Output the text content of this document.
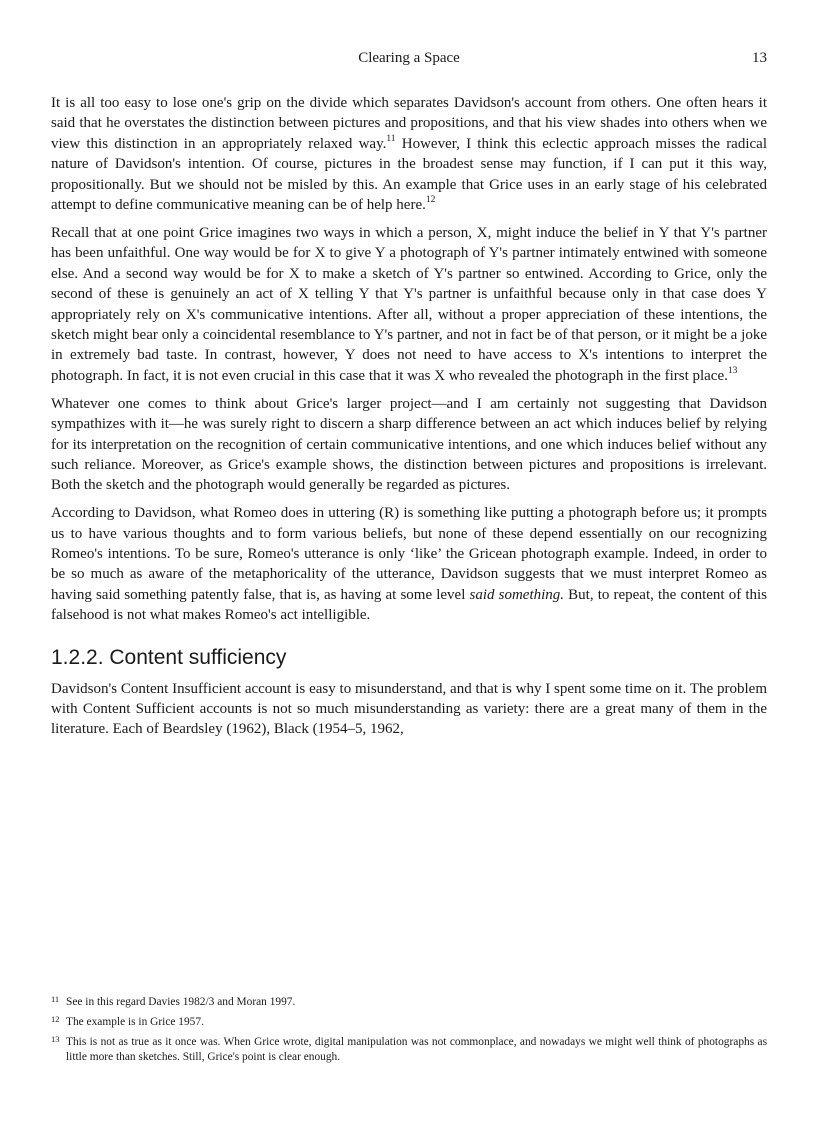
Clearing a Space	13

It is all too easy to lose one's grip on the divide which separates Davidson's account from others. One often hears it said that he overstates the distinction between pictures and propositions, and that his view shades into others when we view this distinction in an appropriately relaxed way.$^{11}$ However, I think this eclectic approach misses the radical nature of Davidson's intention. Of course, pictures in the broadest sense may function, if I can put it this way, propositionally. But we should not be misled by this. An example that Grice uses in an early stage of his celebrated attempt to define communicative meaning can be of help here.$^{12}$

Recall that at one point Grice imagines two ways in which a person, X, might induce the belief in Y that Y's partner has been unfaithful. One way would be for X to give Y a photograph of Y's partner intimately entwined with someone else. And a second way would be for X to make a sketch of Y's partner so entwined. According to Grice, only the second of these is genuinely an act of X telling Y that Y's partner is unfaithful because only in that case does Y appropriately rely on X's communicative intentions. After all, without a proper appreciation of these intentions, the sketch might bear only a coincidental resemblance to Y's partner, and not in fact be of that person, or it might be a joke in extremely bad taste. In contrast, however, Y does not need to have access to X's intentions to interpret the photograph. In fact, it is not even crucial in this case that it was X who revealed the photograph in the first place.$^{13}$

Whatever one comes to think about Grice's larger project—and I am certainly not suggesting that Davidson sympathizes with it—he was surely right to discern a sharp difference between an act which induces belief by relying for its interpretation on the recognition of certain communicative intentions, and one which induces belief without any such reliance. Moreover, as Grice's example shows, the distinction between pictures and propositions is irrelevant. Both the sketch and the photograph would generally be regarded as pictures.

According to Davidson, what Romeo does in uttering (R) is something like putting a photograph before us; it prompts us to have various thoughts and to form various beliefs, but none of these depend essentially on our recognizing Romeo's intentions. To be sure, Romeo's utterance is only ‘like’ the Gricean photograph example. Indeed, in order to be so much as aware of the metaphoricality of the utterance, Davidson suggests that we must interpret Romeo as having said something patently false, that is, as having at some level said something. But, to repeat, the content of this falsehood is not what makes Romeo's act intelligible.

1.2.2. Content sufficiency

Davidson's Content Insufficient account is easy to misunderstand, and that is why I spent some time on it. The problem with Content Sufficient accounts is not so much misunderstanding as variety: there are a great many of them in the literature. Each of Beardsley (1962), Black (1954–5, 1962,

11 See in this regard Davies 1982/3 and Moran 1997.
12 The example is in Grice 1957.
13 This is not as true as it once was. When Grice wrote, digital manipulation was not commonplace, and nowadays we might well think of photographs as little more than sketches. Still, Grice's point is clear enough.
